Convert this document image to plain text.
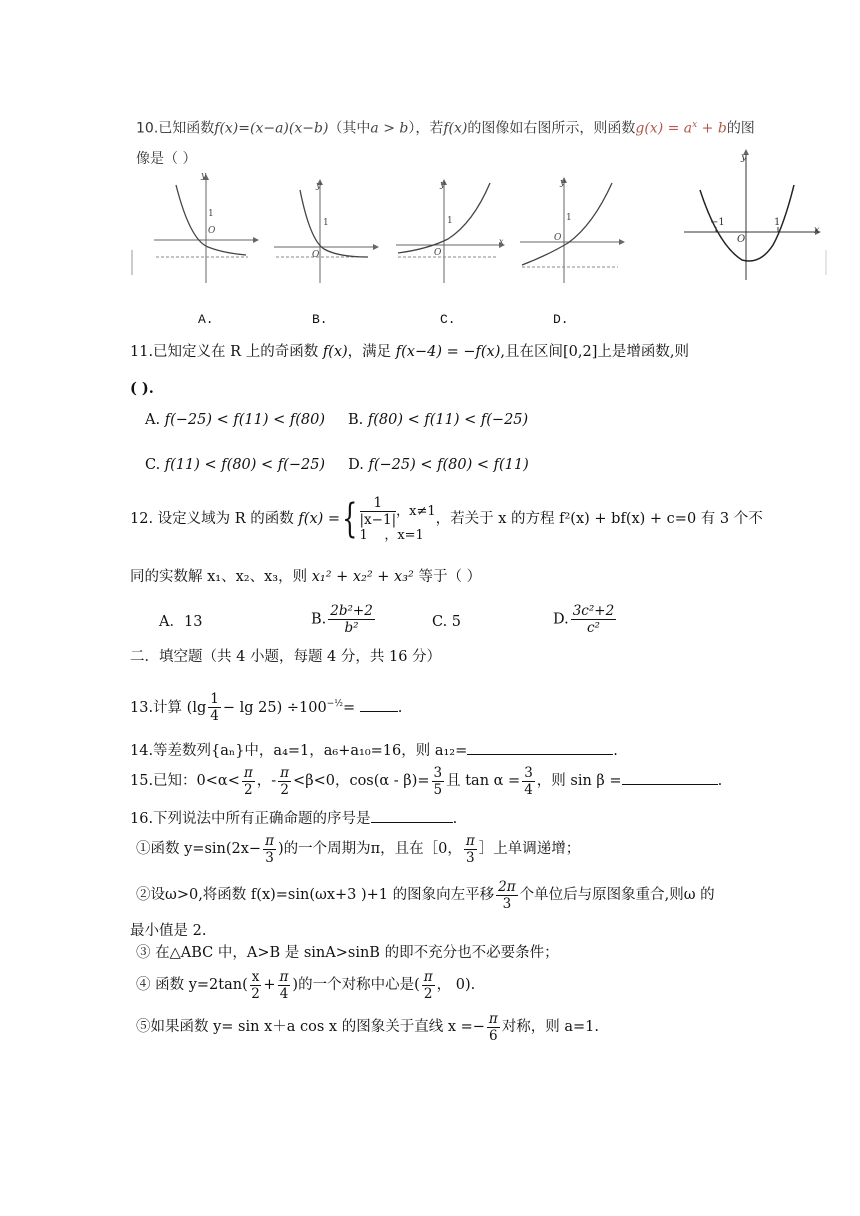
10.已知函数f(x)=(x−a)(x−b)（其中a > b），若f(x)的图像如右图所示，则函数$g(x) = a^x + b$的图
像是（ ）
y
1
O
y
1
O
y
1
O
x
y
1
O
y
−1	1
O
x
A.	B.	C.	D.
11.已知定义在 R 上的奇函数 f(x)，满足 f(x−4) = −f(x),且在区间[0,2]上是增函数,则
( ).
A. f(−25) < f(11) < f(80) B. f(80) < f(11) < f(−25)
C. f(11) < f(80) < f(−25) D. f(−25) < f(80) < f(11)
12. 设定义域为 R 的函数 f(x) ={ $\frac{1}{|x-1|}$ ，x≠1
1 ，x=1
，若关于 x 的方程 f²(x) + bf(x) + c=0 有 3 个不
同的实数解 x₁、x₂、x₃，则 x₁² + x₂² + x₃² 等于（ ）
A．13	B. $\frac{\text{2b²+2}}{\text{b²}}$	C. 5	D. $\frac{\text{3c²+2}}{\text{c²}}$
二．填空题（共 4 小题，每题 4 分，共 16 分）
13.计算 $(\lg \frac{1}{4} - \lg 25) \div 100^{-\frac{1}{2}}=$	.
14.等差数列{aₙ}中，a₄=1，a₆+a₁₀=16，则 a₁₂=	.
15.已知：$0<\alpha< \frac{\pi}{2}$ ，- $\frac{\pi}{2} <\beta<0$，$\cos(\alpha - \beta)= \frac{3}{5}$ 且 $\tan \alpha = \frac{3}{4}$ ，则 sin β =	.
16.下列说法中所有正确命题的序号是	.
①函数 $y=\sin(2x- \frac{\pi}{3}$ )的一个周期为π，且在［0， $\frac{\pi}{3}$ ］上单调递增；
②设ω>0,将函数 f(x)=sin(ωx+3 )+1 的图象向左平移 $\frac{2\pi}{3}$ 个单位后与原图象重合,则ω 的
最小值是 2.
③ 在△ABC 中，A>B 是 sinA>sinB 的即不充分也不必要条件；
④ 函数 $y=2\tan( \frac{x}{2} + \frac{\pi}{4}$ )的一个对称中心是( $\frac{\pi}{2}$ ， 0).
⑤如果函数 y= sin x＋a cos x 的图象关于直线 $x =- \frac{\pi}{6}$ 对称，则 a=1.
